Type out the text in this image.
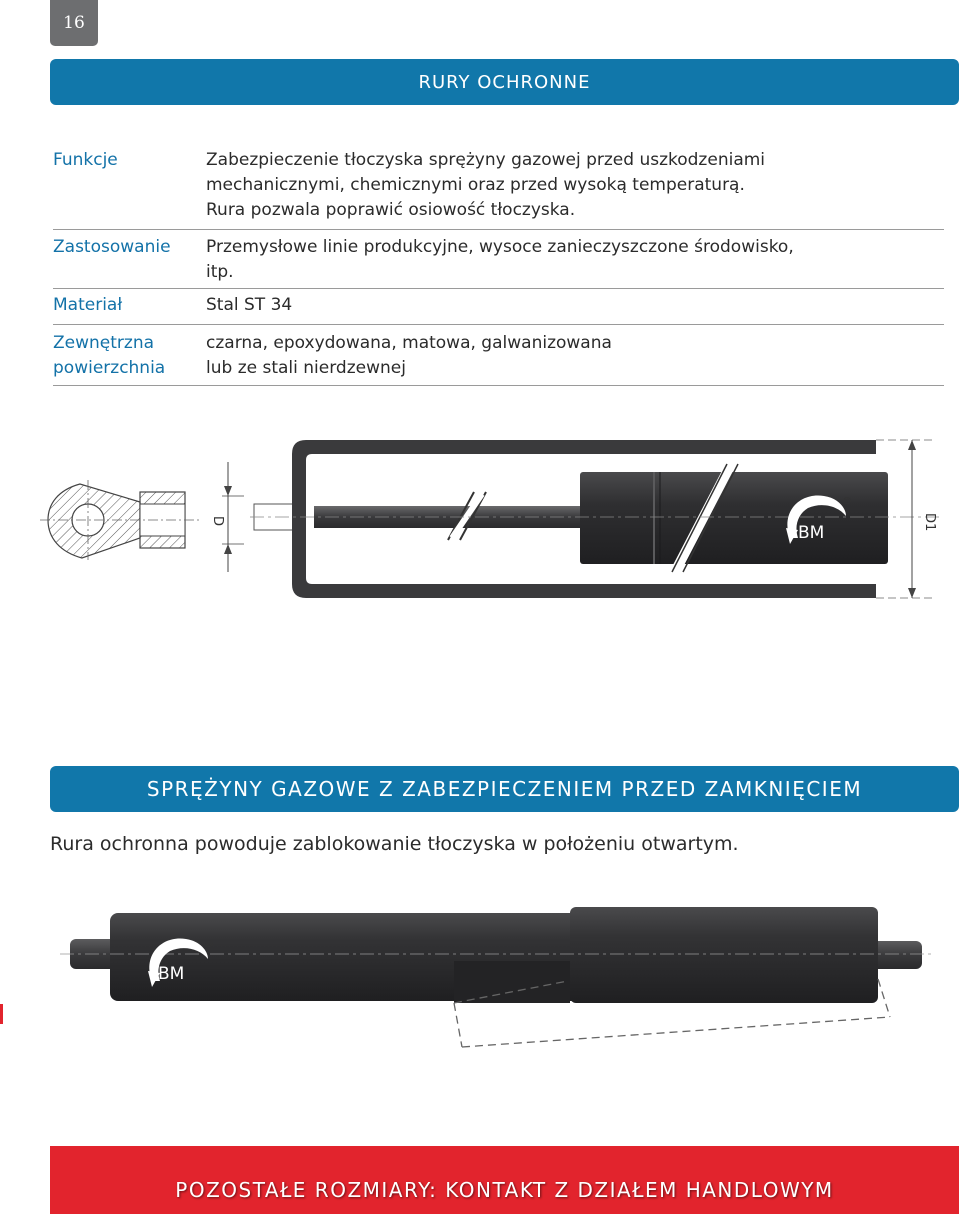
16
RURY OCHRONNE
Funkcje	Zabezpieczenie tłoczyska sprężyny gazowej przed uszkodzeniami
mechanicznymi, chemicznymi oraz przed wysoką temperaturą.
Rura pozwala poprawić osiowość tłoczyska.
Zastosowanie	Przemysłowe linie produkcyjne, wysoce zanieczyszczone środowisko,
itp.
Materiał	Stal ST 34
Zewnętrzna
powierzchnia	czarna, epoxydowana, matowa, galwanizowana
lub ze stali nierdzewnej
D
BM
®
D1
SPRĘŻYNY GAZOWE Z ZABEZPIECZENIEM PRZED ZAMKNIĘCIEM
Rura ochronna powoduje zablokowanie tłoczyska w położeniu otwartym.
BM
®
POZOSTAŁE ROZMIARY: KONTAKT Z DZIAŁEM HANDLOWYM
